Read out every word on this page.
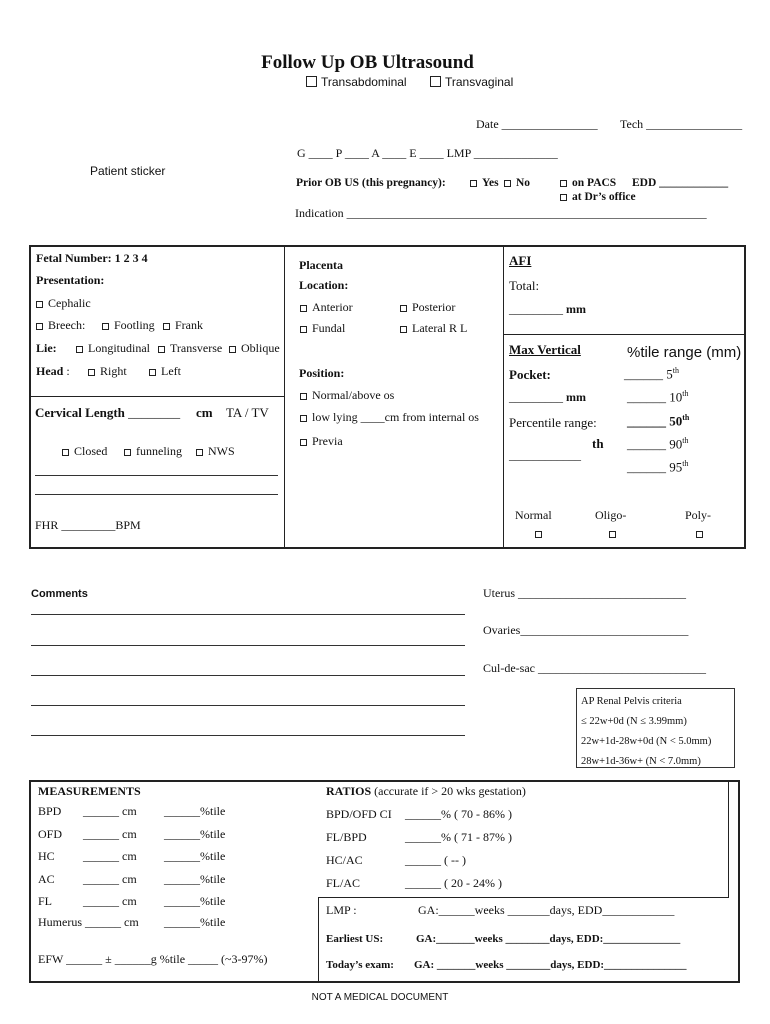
Follow Up OB Ultrasound
Transabdominal	Transvaginal
Date ________________ Tech ________________
Patient sticker
G ____ P ____ A ____ E ____ LMP ______________
Prior OB US (this pregnancy):	Yes	No	on PACS EDD ____________
at Dr’s office
Indication ____________________________________________________________
Fetal Number: 1 2 3 4
Presentation:
Cephalic
Breech:	Footling	Frank
Lie:	Longitudinal	Transverse	Oblique
Head :	Right	Left
Cervical Length ________ cm TA / TV
Closed	funneling	NWS
FHR _________BPM
Placenta
Location:
Anterior	Posterior
Fundal	Lateral R L
Position:
Normal/above os
low lying ____cm from internal os
Previa
AFI
Total:
_________ mm
Max Vertical	%tile range (mm)
Pocket:
_________ mm
Percentile range:
th
____________
______ 5th
______ 10th
______ 50th
______ 90th
______ 95th
Normal	Oligo-	Poly-
Comments	Uterus ____________________________
Ovaries____________________________
Cul-de-sac ____________________________
AP Renal Pelvis criteria
≤ 22w+0d (N ≤ 3.99mm)
22w+1d-28w+0d (N < 5.0mm)
28w+1d-36w+ (N < 7.0mm)
MEASUREMENTS
BPD ______ cm ______%tile
OFD ______ cm ______%tile
HC ______ cm ______%tile
AC ______ cm ______%tile
FL	______ cm ______%tile
Humerus ______ cm ______%tile
EFW ______ ± ______g %tile _____ (~3-97%)
RATIOS (accurate if > 20 wks gestation)
BPD/OFD CI ______% ( 70 - 86% )
FL/BPD	______% ( 71 - 87% )
HC/AC	______ ( -- )
FL/AC	______ ( 20 - 24% )
LMP :	GA:______weeks _______days, EDD____________
Earliest US:	GA:_______weeks ________days, EDD:______________
Today’s exam: GA: _______weeks ________days, EDD:_______________
NOT A MEDICAL DOCUMENT
